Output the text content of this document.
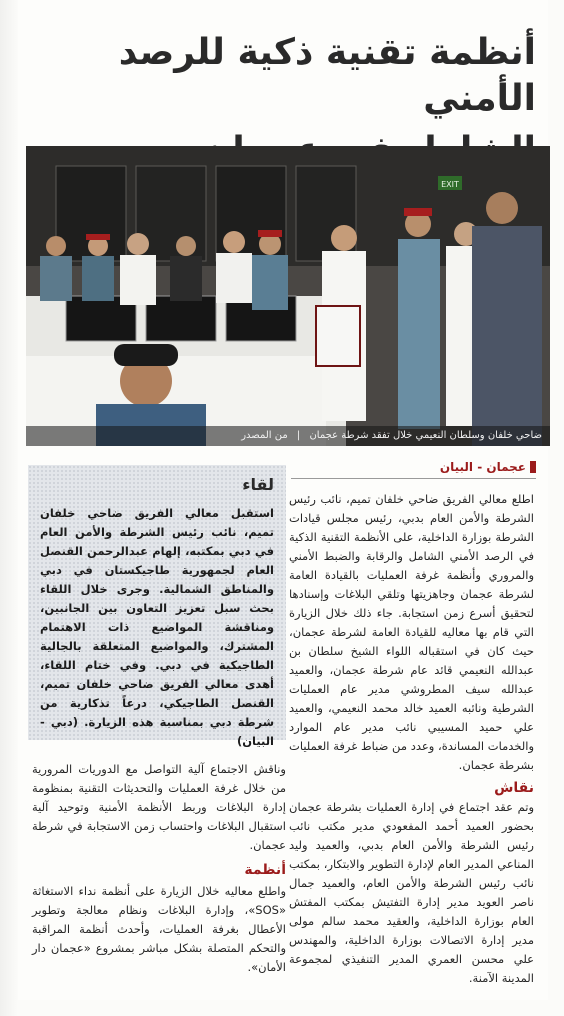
أنظمة تقنية ذكية للرصد الأمني
EXIT
ضاحي خلفان وسلطان النعيمي خلال تفقد شرطة عجمان | من المصدر
عجمان - البيان

اطلع معالي الفريق ضاحي خلفان تميم، نائب رئيس الشرطة والأمن العام بدبي، رئيس مجلس قيادات الشرطة بوزارة الداخلية، على الأنظمة التقنية الذكية في الرصد الأمني الشامل والرقابة والضبط الأمني والمروري وأنظمة غرفة العمليات بالقيادة العامة لشرطة عجمان وجاهزيتها وتلقي البلاغات وإسنادها لتحقيق أسرع زمن استجابة. جاء ذلك خلال الزيارة التي قام بها معاليه للقيادة العامة لشرطة عجمان، حيث كان في استقباله اللواء الشيخ سلطان بن عبدالله النعيمي قائد عام شرطة عجمان، والعميد عبدالله سيف المطروشي مدير عام العمليات الشرطية ونائبه العميد خالد محمد النعيمي، والعميد علي حميد المسيبي نائب مدير عام الموارد والخدمات المساندة، وعدد من ضباط غرفة العمليات بشرطة عجمان.

نقاش

وتم عقد اجتماع في إدارة العمليات بشرطة عجمان بحضور العميد أحمد المفعودي مدير مكتب نائب رئيس الشرطة والأمن العام بدبي، والعميد وليد المناعي المدير العام لإدارة التطوير والابتكار، بمكتب نائب رئيس الشرطة والأمن العام، والعميد جمال ناصر العويد مدير إدارة التفتيش بمكتب المفتش العام بوزارة الداخلية، والعقيد محمد سالم مولى مدير إدارة الاتصالات بوزارة الداخلية، والمهندس علي محسن العمري المدير التنفيذي لمجموعة المدينة الآمنة.

لقاء

استقبل معالي الفريق ضاحي خلفان تميم، نائب رئيس الشرطة والأمن العام في دبي بمكتبه، إلهام عبدالرحمن القنصل العام لجمهورية طاجيكستان في دبي والمناطق الشمالية. وجرى خلال اللقاء بحث سبل تعزيز التعاون بين الجانبين، ومناقشة المواضيع ذات الاهتمام المشترك، والمواضيع المتعلقة بالجالية الطاجيكية في دبي. وفي ختام اللقاء، أهدى معالي الفريق ضاحي خلفان تميم، القنصل الطاجيكي، درعاً تذكارية من شرطة دبي بمناسبة هذه الزيارة. (دبي - البيان)

وناقش الاجتماع آلية التواصل مع الدوريات المرورية من خلال غرفة العمليات والتحديثات التقنية بمنظومة إدارة البلاغات وربط الأنظمة الأمنية وتوحيد آلية استقبال البلاغات واحتساب زمن الاستجابة في شرطة عجمان.

أنظمة

واطلع معاليه خلال الزيارة على أنظمة نداء الاستغاثة «SOS»، وإدارة البلاغات ونظام معالجة وتطوير الأعطال بغرفة العمليات، وأحدث أنظمة المراقبة والتحكم المتصلة بشكل مباشر بمشروع «عجمان دار الأمان».
